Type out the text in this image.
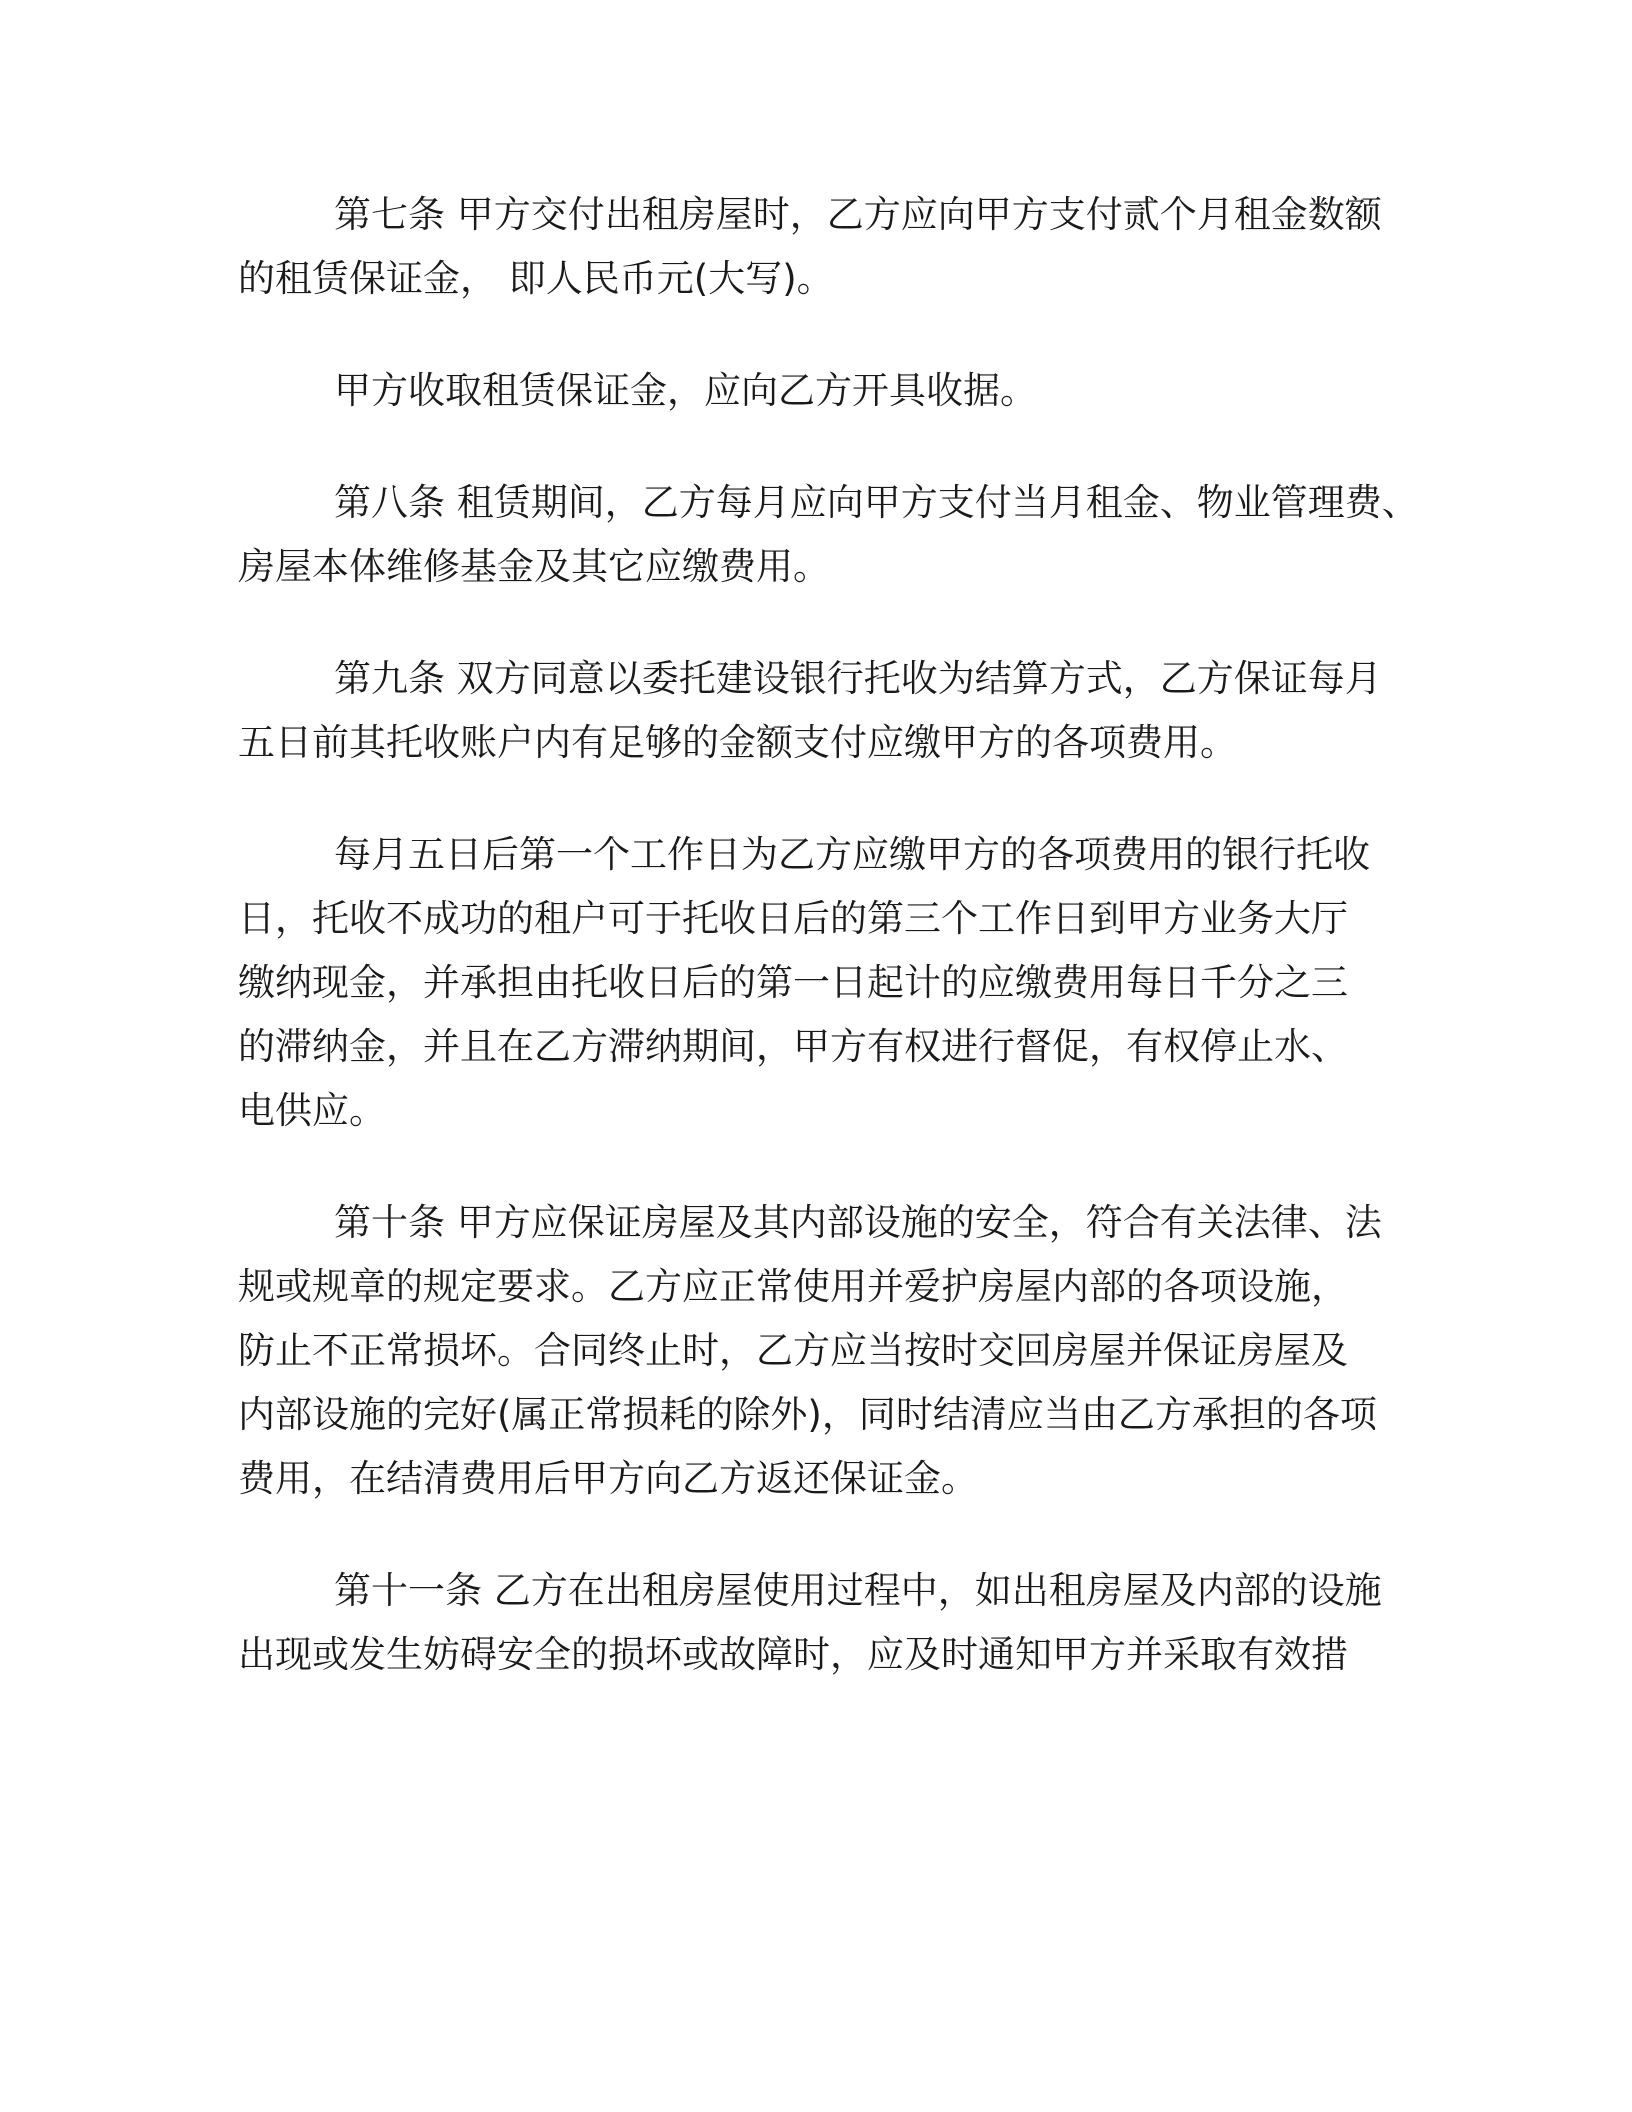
第七条 甲方交付出租房屋时，乙方应向甲方支付贰个月租金数额
的租赁保证金， 即人民币元(大写)。

甲方收取租赁保证金，应向乙方开具收据。

第八条 租赁期间，乙方每月应向甲方支付当月租金、物业管理费、
房屋本体维修基金及其它应缴费用。

第九条 双方同意以委托建设银行托收为结算方式，乙方保证每月
五日前其托收账户内有足够的金额支付应缴甲方的各项费用。

每月五日后第一个工作日为乙方应缴甲方的各项费用的银行托收
日，托收不成功的租户可于托收日后的第三个工作日到甲方业务大厅
缴纳现金，并承担由托收日后的第一日起计的应缴费用每日千分之三
的滞纳金，并且在乙方滞纳期间，甲方有权进行督促，有权停止水、
电供应。

第十条 甲方应保证房屋及其内部设施的安全，符合有关法律、法
规或规章的规定要求。乙方应正常使用并爱护房屋内部的各项设施，
防止不正常损坏。合同终止时，乙方应当按时交回房屋并保证房屋及
内部设施的完好(属正常损耗的除外)，同时结清应当由乙方承担的各项
费用，在结清费用后甲方向乙方返还保证金。

第十一条 乙方在出租房屋使用过程中，如出租房屋及内部的设施
出现或发生妨碍安全的损坏或故障时，应及时通知甲方并采取有效措
